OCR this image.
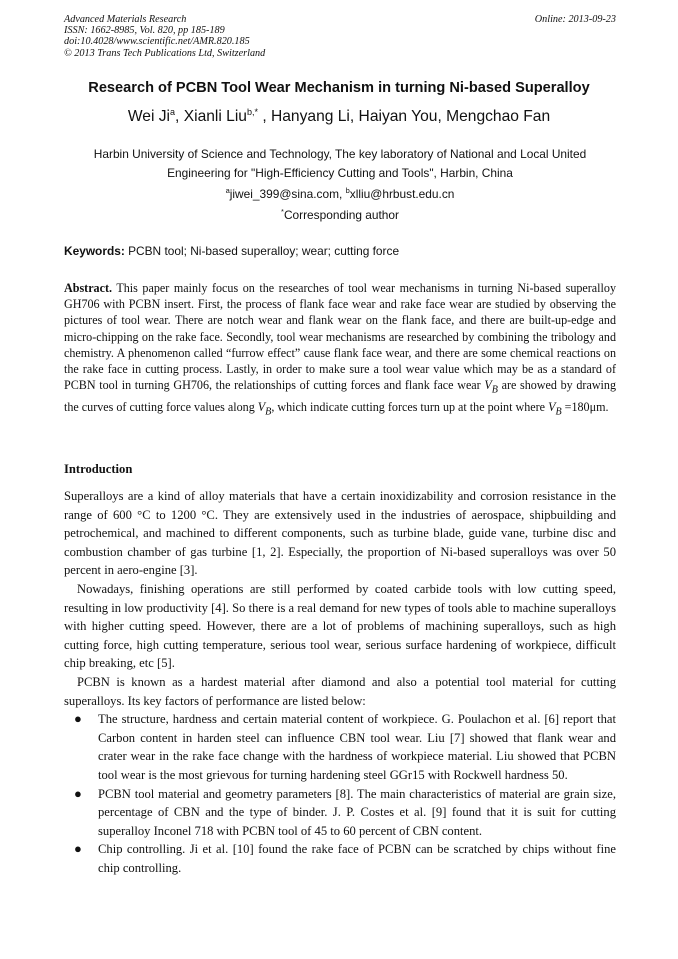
Advanced Materials Research
ISSN: 1662-8985, Vol. 820, pp 185-189
doi:10.4028/www.scientific.net/AMR.820.185
© 2013 Trans Tech Publications Ltd, Switzerland
Online: 2013-09-23
Research of PCBN Tool Wear Mechanism in turning Ni-based Superalloy
Wei Ji$^a$, Xianli Liu$^{b,*}$ , Hanyang Li, Haiyan You, Mengchao Fan
Harbin University of Science and Technology, The key laboratory of National and Local United
Engineering for "High-Efficiency Cutting and Tools", Harbin, China
$^a$jiwei_399@sina.com, $^b$xlliu@hrbust.edu.cn
*Corresponding author
Keywords: PCBN tool; Ni-based superalloy; wear; cutting force
Abstract. This paper mainly focus on the researches of tool wear mechanisms in turning Ni-based superalloy GH706 with PCBN insert. First, the process of flank face wear and rake face wear are studied by observing the pictures of tool wear. There are notch wear and flank wear on the flank face, and there are built-up-edge and micro-chipping on the rake face. Secondly, tool wear mechanisms are researched by combining the tribology and chemistry. A phenomenon called “furrow effect” cause flank face wear, and there are some chemical reactions on the rake face in cutting process. Lastly, in order to make sure a tool wear value which may be as a standard of PCBN tool in turning GH706, the relationships of cutting forces and flank face wear $V_B$ are showed by drawing the curves of cutting force values along $V_B$, which indicate cutting forces turn up at the point where $V_B =180\mu m$.
Introduction

Superalloys are a kind of alloy materials that have a certain inoxidizability and corrosion resistance in the range of 600 °C to 1200 °C. They are extensively used in the industries of aerospace, shipbuilding and petrochemical, and machined to different components, such as turbine blade, guide vane, turbine disc and combustion chamber of gas turbine [1, 2]. Especially, the proportion of Ni-based superalloys was over 50 percent in aero-engine [3].

Nowadays, finishing operations are still performed by coated carbide tools with low cutting speed, resulting in low productivity [4]. So there is a real demand for new types of tools able to machine superalloys with higher cutting speed. However, there are a lot of problems of machining superalloys, such as high cutting force, high cutting temperature, serious tool wear, serious surface hardening of workpiece, difficult chip breaking, etc [5].

PCBN is known as a hardest material after diamond and also a potential tool material for cutting superalloys. Its key factors of performance are listed below:

● The structure, hardness and certain material content of workpiece. G. Poulachon et al. [6] report that Carbon content in harden steel can influence CBN tool wear. Liu [7] showed that flank wear and crater wear in the rake face change with the hardness of workpiece material. Liu showed that PCBN tool wear is the most grievous for turning hardening steel GGr15 with Rockwell hardness 50.
● PCBN tool material and geometry parameters [8]. The main characteristics of material are grain size, percentage of CBN and the type of binder. J. P. Costes et al. [9] found that it is suit for cutting superalloy Inconel 718 with PCBN tool of 45 to 60 percent of CBN content.
● Chip controlling. Ji et al. [10] found the rake face of PCBN can be scratched by chips without fine chip controlling.
